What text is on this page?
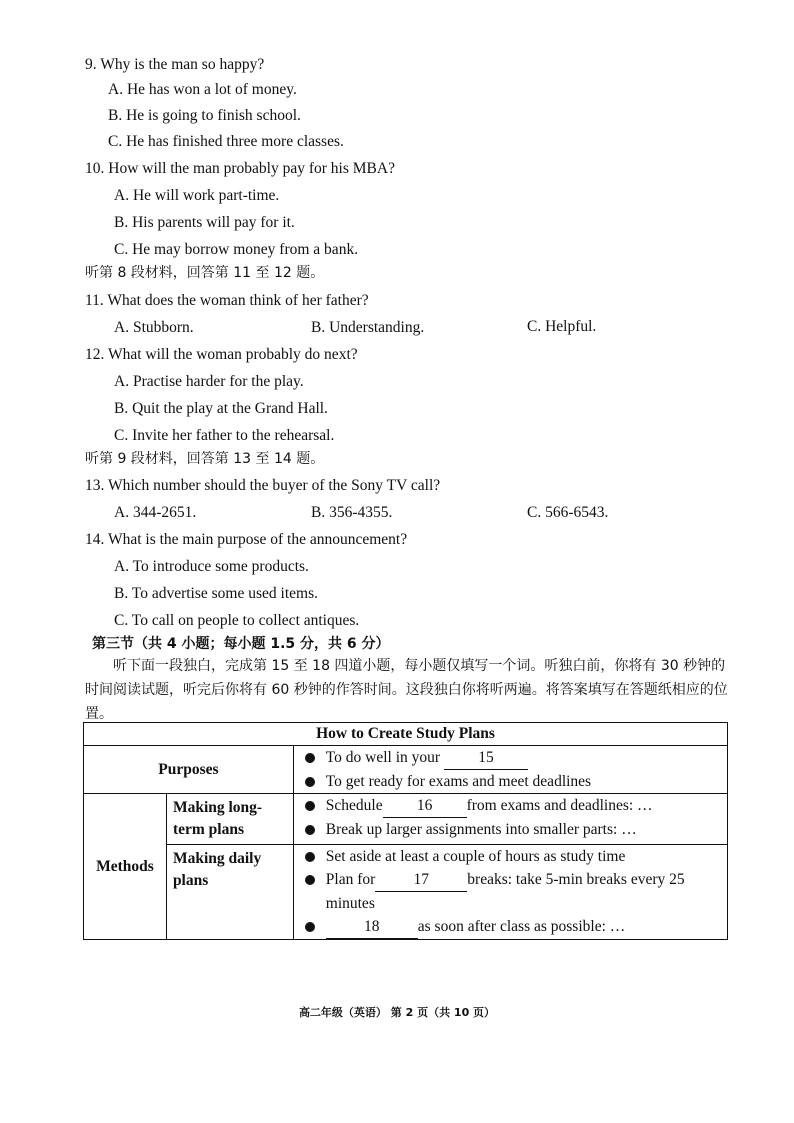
9. Why is the man so happy?
A. He has won a lot of money.
B. He is going to finish school.
C. He has finished three more classes.
10. How will the man probably pay for his MBA?
A. He will work part-time.
B. His parents will pay for it.
C. He may borrow money from a bank.
听第 8 段材料，回答第 11 至 12 题。
11. What does the woman think of her father?
A. Stubborn.	B. Understanding.	C. Helpful.
12. What will the woman probably do next?
A. Practise harder for the play.
B. Quit the play at the Grand Hall.
C. Invite her father to the rehearsal.
听第 9 段材料，回答第 13 至 14 题。
13. Which number should the buyer of the Sony TV call?
A. 344-2651.	B. 356-4355.	C. 566-6543.
14. What is the main purpose of the announcement?
A. To introduce some products.
B. To advertise some used items.
C. To call on people to collect antiques.
第三节（共 4 小题；每小题 1.5 分，共 6 分）
听下面一段独白，完成第 15 至 18 四道小题，每小题仅填写一个词。听独白前，你将有 30 秒钟的时间阅读试题，听完后你将有 60 秒钟的作答时间。这段独白你将听两遍。将答案填写在答题纸相应的位置。
How to Create Study Plans		
Purposes		To do well in your 15
To get ready for exams and meet deadlines

Methods	Making long-term plans	Schedule 16 from exams and deadlines: …
Break up larger assignments into smaller parts: …

	Making daily plans	Set aside at least a couple of hours as study time
Plan for 17 breaks: take 5-min breaks every 25 minutes
18 as soon after class as possible: …
高二年级（英语） 第 2 页（共 10 页）
